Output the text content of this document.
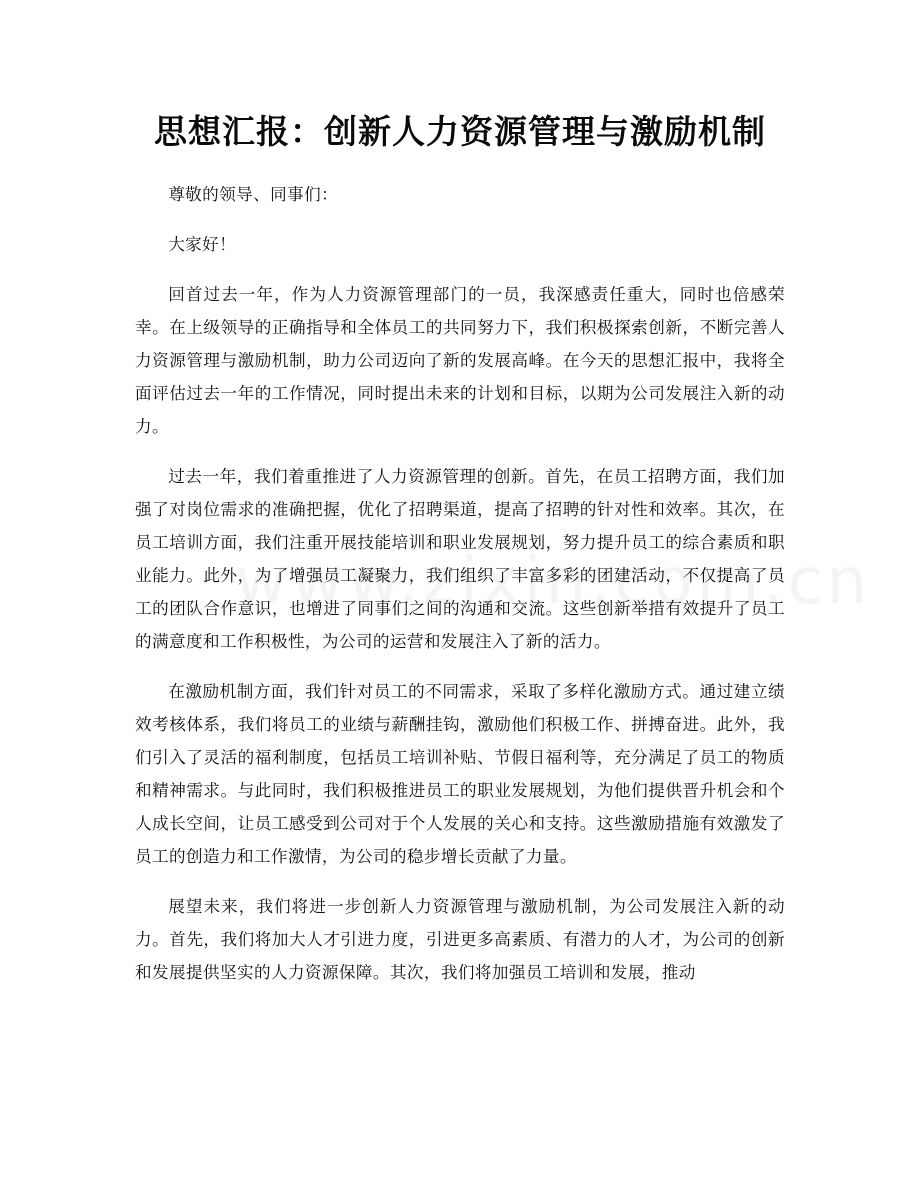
思想汇报：创新人力资源管理与激励机制

尊敬的领导、同事们：

大家好！

回首过去一年，作为人力资源管理部门的一员，我深感责任重大，同时也倍感荣幸。在上级领导的正确指导和全体员工的共同努力下，我们积极探索创新，不断完善人力资源管理与激励机制，助力公司迈向了新的发展高峰。在今天的思想汇报中，我将全面评估过去一年的工作情况，同时提出未来的计划和目标，以期为公司发展注入新的动力。

过去一年，我们着重推进了人力资源管理的创新。首先，在员工招聘方面，我们加强了对岗位需求的准确把握，优化了招聘渠道，提高了招聘的针对性和效率。其次，在员工培训方面，我们注重开展技能培训和职业发展规划，努力提升员工的综合素质和职业能力。此外，为了增强员工凝聚力，我们组织了丰富多彩的团建活动，不仅提高了员工的团队合作意识，也增进了同事们之间的沟通和交流。这些创新举措有效提升了员工的满意度和工作积极性，为公司的运营和发展注入了新的活力。

在激励机制方面，我们针对员工的不同需求，采取了多样化激励方式。通过建立绩效考核体系，我们将员工的业绩与薪酬挂钩，激励他们积极工作、拼搏奋进。此外，我们引入了灵活的福利制度，包括员工培训补贴、节假日福利等，充分满足了员工的物质和精神需求。与此同时，我们积极推进员工的职业发展规划，为他们提供晋升机会和个人成长空间，让员工感受到公司对于个人发展的关心和支持。这些激励措施有效激发了员工的创造力和工作激情，为公司的稳步增长贡献了力量。

展望未来，我们将进一步创新人力资源管理与激励机制，为公司发展注入新的动力。首先，我们将加大人才引进力度，引进更多高素质、有潜力的人才，为公司的创新和发展提供坚实的人力资源保障。其次，我们将加强员工培训和发展，推动
